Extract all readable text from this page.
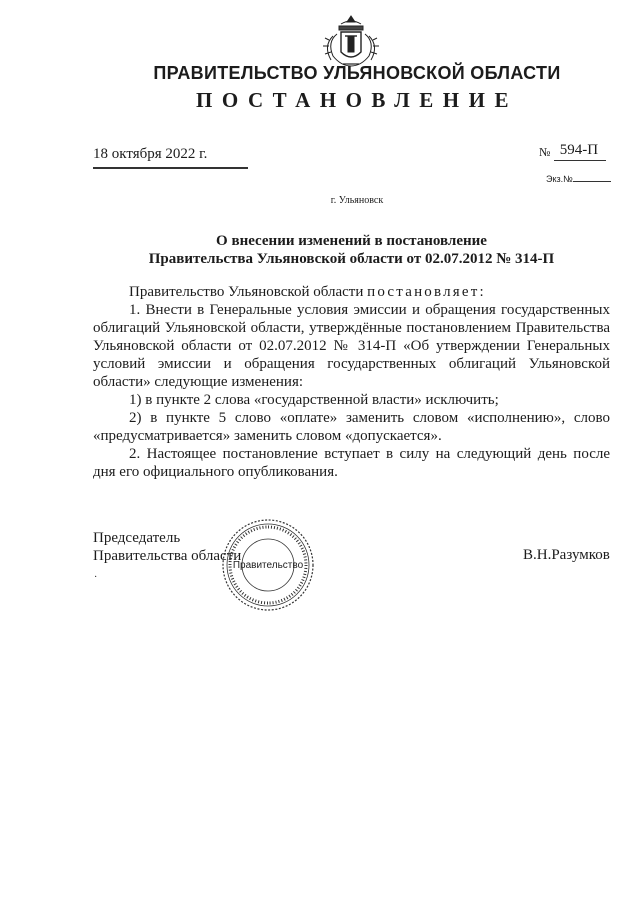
ПРАВИТЕЛЬСТВО УЛЬЯНОВСКОЙ ОБЛАСТИ
ПОСТАНОВЛЕНИЕ
18 октября 2022 г.	№ 594-П
Экз.№
г. Ульяновск
О внесении изменений в постановление
Правительства Ульяновской области от 02.07.2012 № 314-П

Правительство Ульяновской области постановляет:

1. Внести в Генеральные условия эмиссии и обращения государственных облигаций Ульяновской области, утверждённые постановлением Правительства Ульяновской области от 02.07.2012 № 314-П «Об утверждении Генеральных условий эмиссии и обращения государственных облигаций Ульяновской области» следующие изменения:

1) в пункте 2 слова «государственной власти» исключить;

2) в пункте 5 слово «оплате» заменить словом «исполнению», слово «предусматривается» заменить словом «допускается».

2. Настоящее постановление вступает в силу на следующий день после дня его официального опубликования.

Председатель
Правительства области
Правительство
В.Н.Разумков
·
